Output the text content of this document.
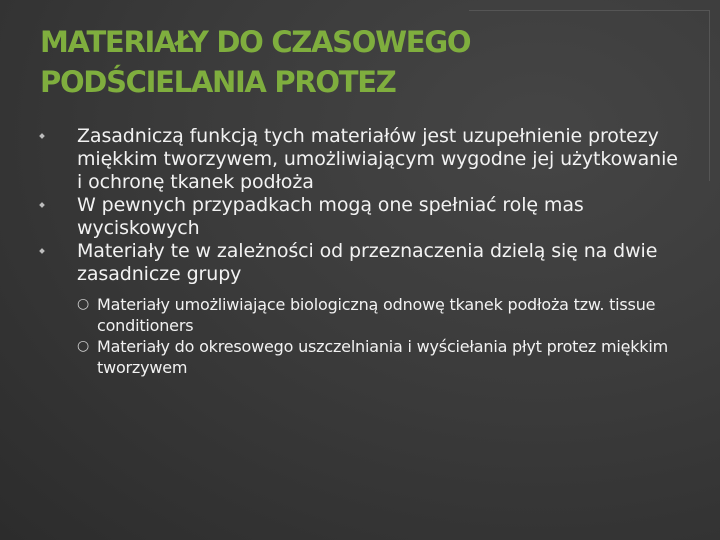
MATERIAŁY DO CZASOWEGO
PODŚCIELANIA PROTEZ
Zasadniczą funkcją tych materiałów jest uzupełnienie protezy miękkim tworzywem, umożliwiającym wygodne jej użytkowanie i ochronę tkanek podłoża
W pewnych przypadkach mogą one spełniać rolę mas wyciskowych
Materiały te w zależności od przeznaczenia dzielą się na dwie zasadnicze grupy
○ Materiały umożliwiające biologiczną odnowę tkanek podłoża tzw. tissue conditioners
○ Materiały do okresowego uszczelniania i wyściełania płyt protez miękkim tworzywem
